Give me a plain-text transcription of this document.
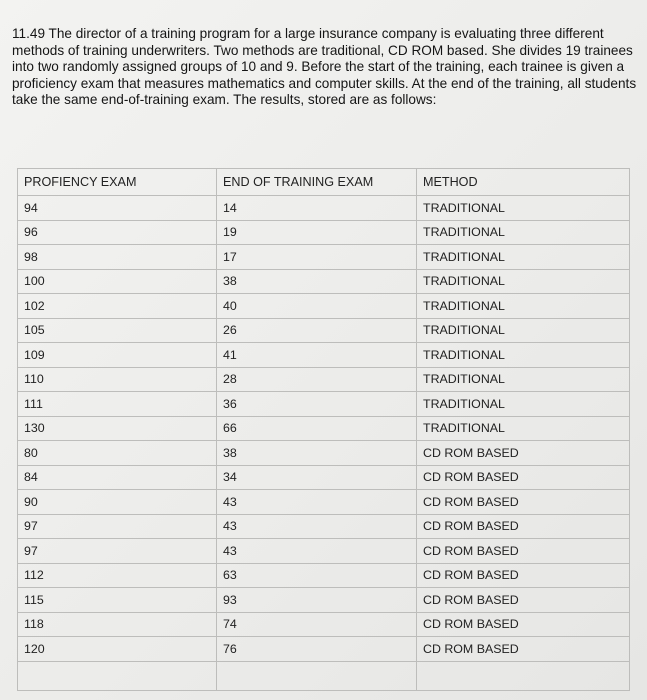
11.49 The director of a training program for a large insurance company is evaluating three different methods of training underwriters. Two methods are traditional, CD ROM based. She divides 19 trainees into two randomly assigned groups of 10 and 9. Before the start of the training, each trainee is given a proficiency exam that measures mathematics and computer skills. At the end of the training, all students take the same end-of-training exam. The results, stored are as follows:

PROFIENCY EXAM	END OF TRAINING EXAM	METHOD
94	14	TRADITIONAL
96	19	TRADITIONAL
98	17	TRADITIONAL
100	38	TRADITIONAL
102	40	TRADITIONAL
105	26	TRADITIONAL
109	41	TRADITIONAL
110	28	TRADITIONAL
111	36	TRADITIONAL
130	66	TRADITIONAL
80	38	CD ROM BASED
84	34	CD ROM BASED
90	43	CD ROM BASED
97	43	CD ROM BASED
97	43	CD ROM BASED
112	63	CD ROM BASED
115	93	CD ROM BASED
118	74	CD ROM BASED
120	76	CD ROM BASED
